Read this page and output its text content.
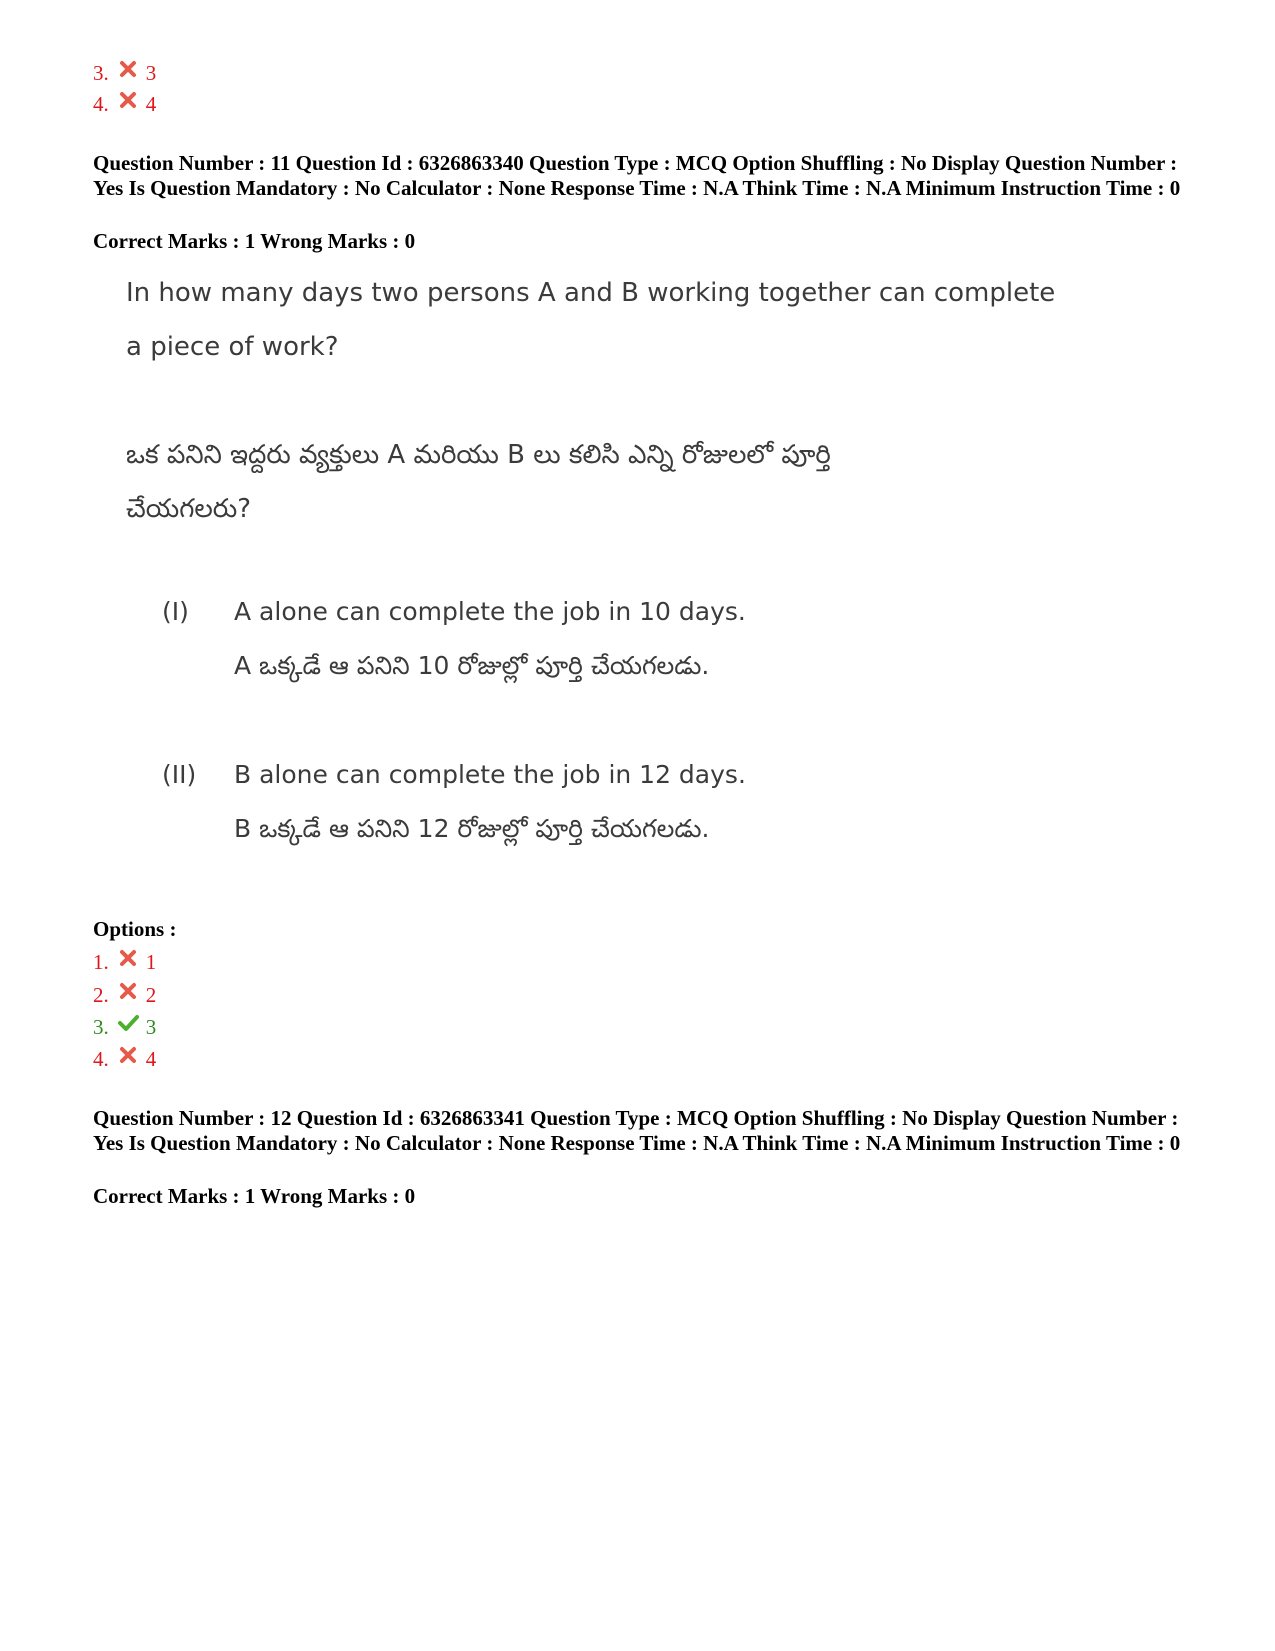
3. 3
4. 4
Question Number : 11 Question Id : 6326863340 Question Type : MCQ Option Shuffling : No Display Question Number : Yes Is Question Mandatory : No Calculator : None Response Time : N.A Think Time : N.A Minimum Instruction Time : 0
Correct Marks : 1 Wrong Marks : 0
In how many days two persons A and B working together can complete
a piece of work?
ఒక పనిని ఇద్దరు వ్యక్తులు A మరియు B లు కలిసి ఎన్ని రోజులలో పూర్తి
చేయగలరు?
(I) A alone can complete the job in 10 days.
A ఒక్కడే ఆ పనిని 10 రోజుల్లో పూర్తి చేయగలడు.
(II) B alone can complete the job in 12 days.
B ఒక్కడే ఆ పనిని 12 రోజుల్లో పూర్తి చేయగలడు.
Options :
1. 1
2. 2
3. 3
4. 4
Question Number : 12 Question Id : 6326863341 Question Type : MCQ Option Shuffling : No Display Question Number : Yes Is Question Mandatory : No Calculator : None Response Time : N.A Think Time : N.A Minimum Instruction Time : 0
Correct Marks : 1 Wrong Marks : 0
